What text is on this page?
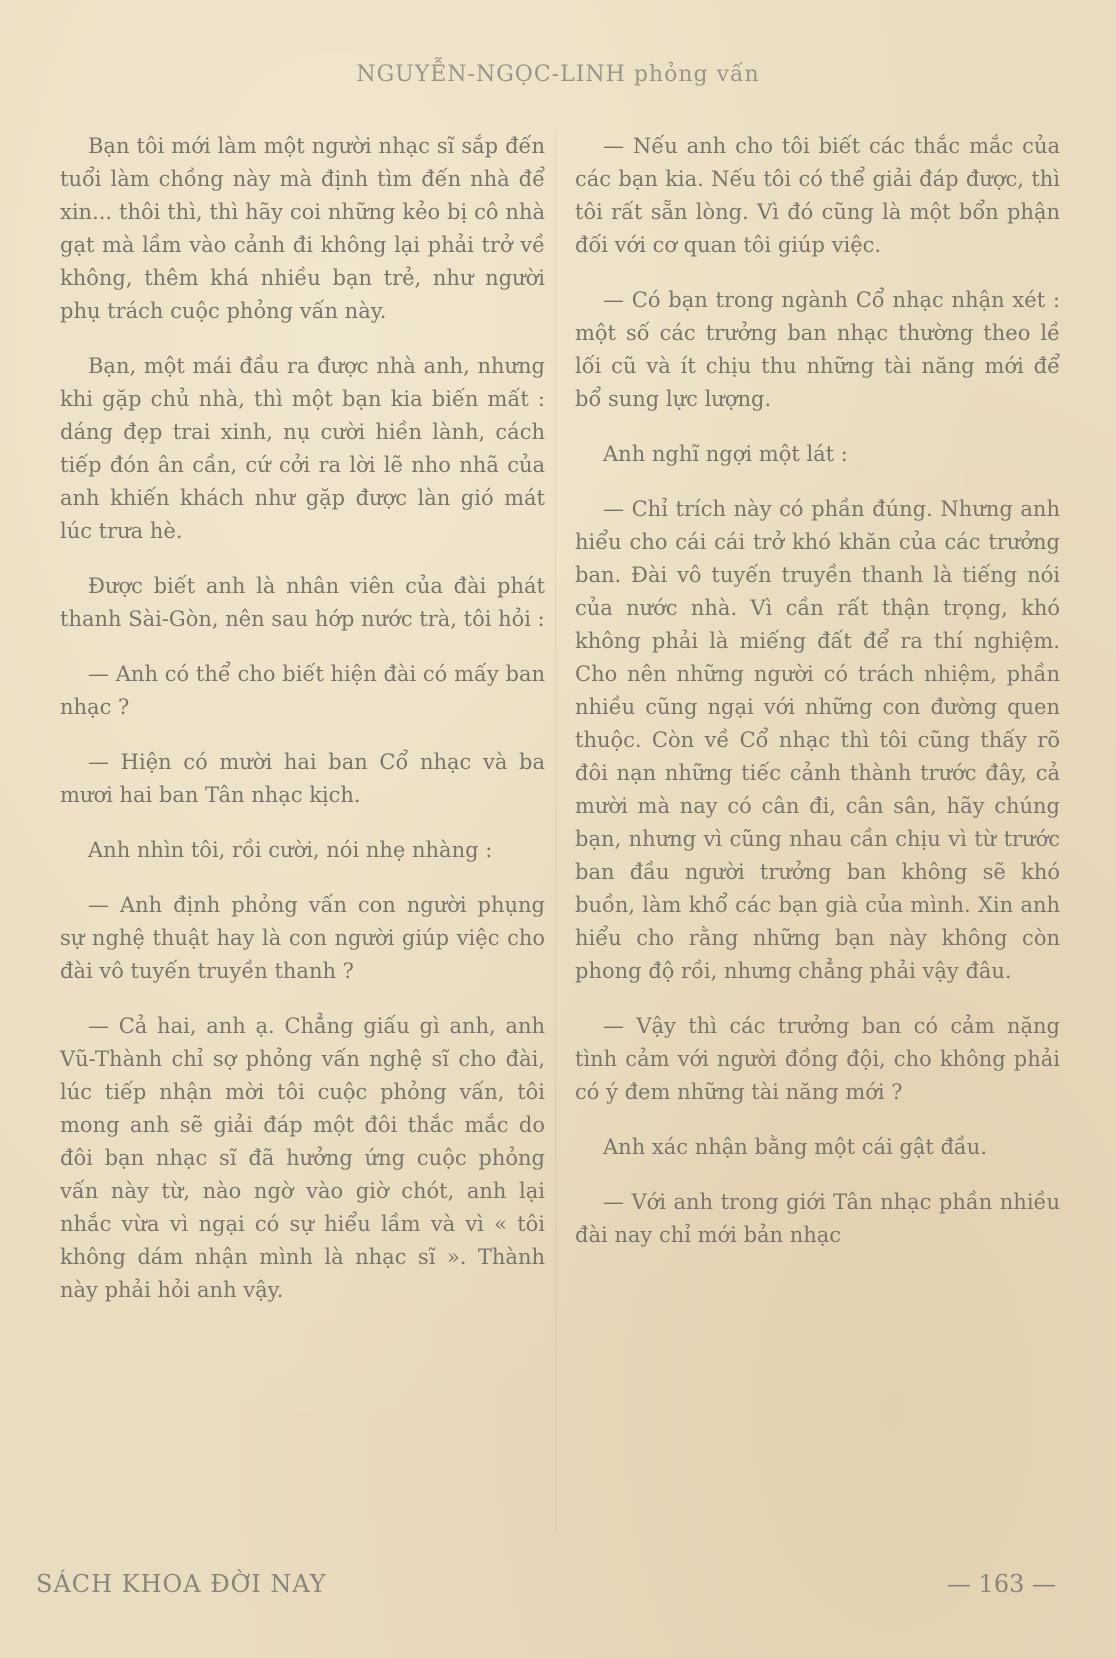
NGUYỄN-NGỌC-LINH phỏng vấn

Bạn tôi mới làm một người nhạc sĩ sắp đến tuổi làm chồng này mà định tìm đến nhà để xin... thôi thì, thì hãy coi những kẻo bị cô nhà gạt mà lầm vào cảnh đi không lại phải trở về không, thêm khá nhiều bạn trẻ, như người phụ trách cuộc phỏng vấn này.

Bạn, một mái đầu ra được nhà anh, nhưng khi gặp chủ nhà, thì một bạn kia biến mất : dáng đẹp trai xinh, nụ cười hiền lành, cách tiếp đón ân cần, cứ cởi ra lời lẽ nho nhã của anh khiến khách như gặp được làn gió mát lúc trưa hè.

Được biết anh là nhân viên của đài phát thanh Sài-Gòn, nên sau hớp nước trà, tôi hỏi :

— Anh có thể cho biết hiện đài có mấy ban nhạc ?

— Hiện có mười hai ban Cổ nhạc và ba mươi hai ban Tân nhạc kịch.

Anh nhìn tôi, rồi cười, nói nhẹ nhàng :

— Anh định phỏng vấn con người phụng sự nghệ thuật hay là con người giúp việc cho đài vô tuyến truyền thanh ?

— Cả hai, anh ạ. Chẳng giấu gì anh, anh Vũ-Thành chỉ sợ phỏng vấn nghệ sĩ cho đài, lúc tiếp nhận mời tôi cuộc phỏng vấn, tôi mong anh sẽ giải đáp một đôi thắc mắc do đôi bạn nhạc sĩ đã hưởng ứng cuộc phỏng vấn này từ, nào ngờ vào giờ chót, anh lại nhắc vừa vì ngại có sự hiểu lầm và vì « tôi không dám nhận mình là nhạc sĩ ». Thành này phải hỏi anh vậy.

— Nếu anh cho tôi biết các thắc mắc của các bạn kia. Nếu tôi có thể giải đáp được, thì tôi rất sẵn lòng. Vì đó cũng là một bổn phận đối với cơ quan tôi giúp việc.

— Có bạn trong ngành Cổ nhạc nhận xét : một số các trưởng ban nhạc thường theo lề lối cũ và ít chịu thu những tài năng mới để bổ sung lực lượng.

Anh nghĩ ngợi một lát :

— Chỉ trích này có phần đúng. Nhưng anh hiểu cho cái cái trở khó khăn của các trưởng ban. Đài vô tuyến truyền thanh là tiếng nói của nước nhà. Vì cần rất thận trọng, khó không phải là miếng đất để ra thí nghiệm. Cho nên những người có trách nhiệm, phần nhiều cũng ngại với những con đường quen thuộc. Còn về Cổ nhạc thì tôi cũng thấy rõ đôi nạn những tiếc cảnh thành trước đây, cả mười mà nay có cân đi, cân sân, hãy chúng bạn, nhưng vì cũng nhau cần chịu vì từ trước ban đầu người trưởng ban không sẽ khó buồn, làm khổ các bạn già của mình. Xin anh hiểu cho rằng những bạn này không còn phong độ rồi, nhưng chẳng phải vậy đâu.

— Vậy thì các trưởng ban có cảm nặng tình cảm với người đồng đội, cho không phải có ý đem những tài năng mới ?

Anh xác nhận bằng một cái gật đầu.

— Với anh trong giới Tân nhạc phần nhiều đài nay chỉ mới bản nhạc

SÁCH KHOA ĐỜI NAY	— 163 —
